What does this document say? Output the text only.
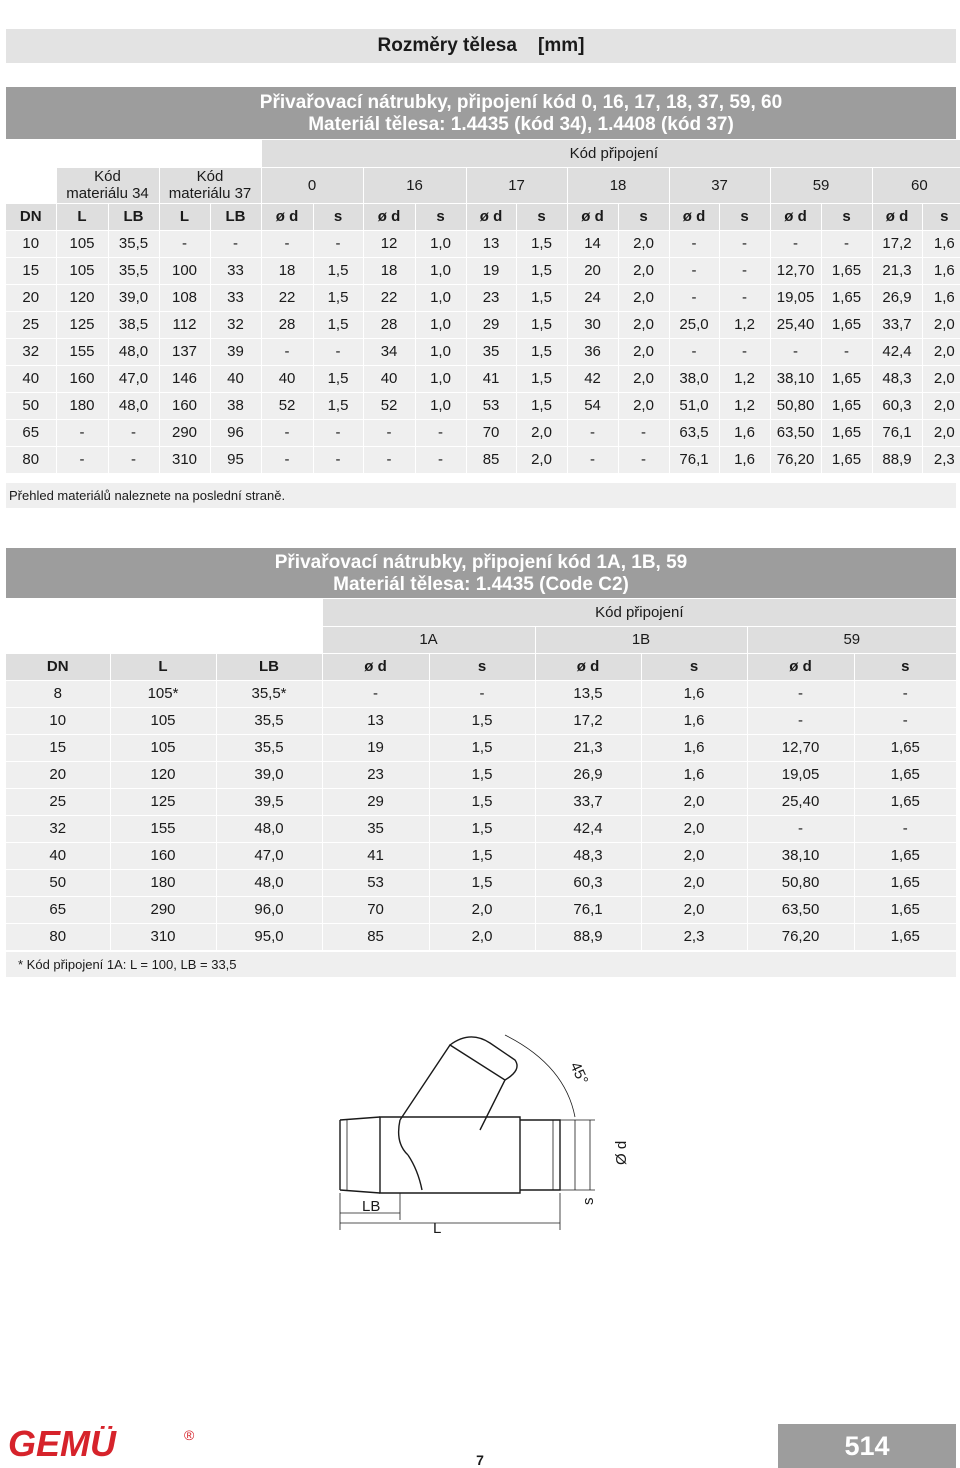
Rozměry tělesa    [mm]
Přivařovací nátrubky, připojení kód 0, 16, 17, 18, 37, 59, 60
Materiál tělesa: 1.4435 (kód 34), 1.4408 (kód 37)
					Kód připojení													
	Kód
materiálu 34		Kód
materiálu 37		0		16		17		18		37		59		60	
DN	L	LB	L	LB	ø d	s	ø d	s	ø d	s	ø d	s	ø d	s	ø d	s	ø d	s
10	105	35,5	-	-	-	-	12	1,0	13	1,5	14	2,0	-	-	-	-	17,2	1,6
15	105	35,5	100	33	18	1,5	18	1,0	19	1,5	20	2,0	-	-	12,70	1,65	21,3	1,6
20	120	39,0	108	33	22	1,5	22	1,0	23	1,5	24	2,0	-	-	19,05	1,65	26,9	1,6
25	125	38,5	112	32	28	1,5	28	1,0	29	1,5	30	2,0	25,0	1,2	25,40	1,65	33,7	2,0
32	155	48,0	137	39	-	-	34	1,0	35	1,5	36	2,0	-	-	-	-	42,4	2,0
40	160	47,0	146	40	40	1,5	40	1,0	41	1,5	42	2,0	38,0	1,2	38,10	1,65	48,3	2,0
50	180	48,0	160	38	52	1,5	52	1,0	53	1,5	54	2,0	51,0	1,2	50,80	1,65	60,3	2,0
65	-	-	290	96	-	-	-	-	70	2,0	-	-	63,5	1,6	63,50	1,65	76,1	2,0
80	-	-	310	95	-	-	-	-	85	2,0	-	-	76,1	1,6	76,20	1,65	88,9	2,3
Přehled materiálů naleznete na poslední straně.
Přivařovací nátrubky, připojení kód 1A, 1B, 59
Materiál tělesa: 1.4435 (Code C2)
			Kód připojení					
			1A		1B		59	
DN	L	LB	ø d	s	ø d	s	ø d	s
8	105*	35,5*	-	-	13,5	1,6	-	-
10	105	35,5	13	1,5	17,2	1,6	-	-
15	105	35,5	19	1,5	21,3	1,6	12,70	1,65
20	120	39,0	23	1,5	26,9	1,6	19,05	1,65
25	125	39,5	29	1,5	33,7	2,0	25,40	1,65
32	155	48,0	35	1,5	42,4	2,0	-	-
40	160	47,0	41	1,5	48,3	2,0	38,10	1,65
50	180	48,0	53	1,5	60,3	2,0	50,80	1,65
65	290	96,0	70	2,0	76,1	2,0	63,50	1,65
80	310	95,0	85	2,0	88,9	2,3	76,20	1,65
* Kód připojení 1A: L = 100, LB = 33,5
LB
L
s
Ø d
45°
GEMÜ	®
7	514
